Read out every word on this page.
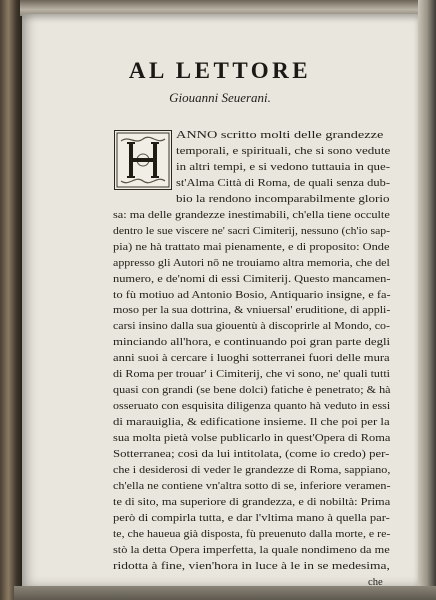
AL LETTORE
Giouanni Seuerani.
ANNO scritto molti delle grandezze
temporali, e spirituali, che si sono vedute
in altri tempi, e si vedono tuttauia in que-
st'Alma Città di Roma, de quali senza dub-
bio la rendono incomparabilmente glorio
sa: ma delle grandezze inestimabili, ch'ella tiene occulte
dentro le sue viscere ne' sacri Cimiterij, nessuno (ch'io sap-
pia) ne hà trattato mai pienamente, e di proposito: Onde
appresso gli Autori nō ne trouiamo altra memoria, che del
numero, e de'nomi di essi Cimiterij. Questo mancamen-
to fù motiuo ad Antonio Bosio, Antiquario insigne, e fa-
moso per la sua dottrina, & vniuersal' eruditione, di appli-
carsi insino dalla sua giouentù à discoprirle al Mondo, co-
minciando all'hora, e continuando poi gran parte degli
anni suoi à cercare i luoghi sotterranei fuori delle mura
di Roma per trouar' i Cimiterij, che vi sono, ne' quali tutti
quasi con grandi (se bene dolci) fatiche è penetrato; & hà
osseruato con esquisita diligenza quanto hà veduto in essi
di marauiglia, & edificatione insieme. Il che poi per la
sua molta pietà volse publicarlo in quest'Opera di Roma
Sotterranea; così da lui intitolata, (come io credo) per-
che i desiderosi di veder le grandezze di Roma, sappiano,
ch'ella ne contiene vn'altra sotto di se, inferiore veramen-
te di sito, ma superiore di grandezza, e di nobiltà: Prima
però di compirla tutta, e dar l'vltima mano à quella par-
te, che haueua già disposta, fù preuenuto dalla morte, e re-
stò la detta Opera imperfetta, la quale nondimeno da me
ridotta à fine, vien'hora in luce à le in se medesima,
che
